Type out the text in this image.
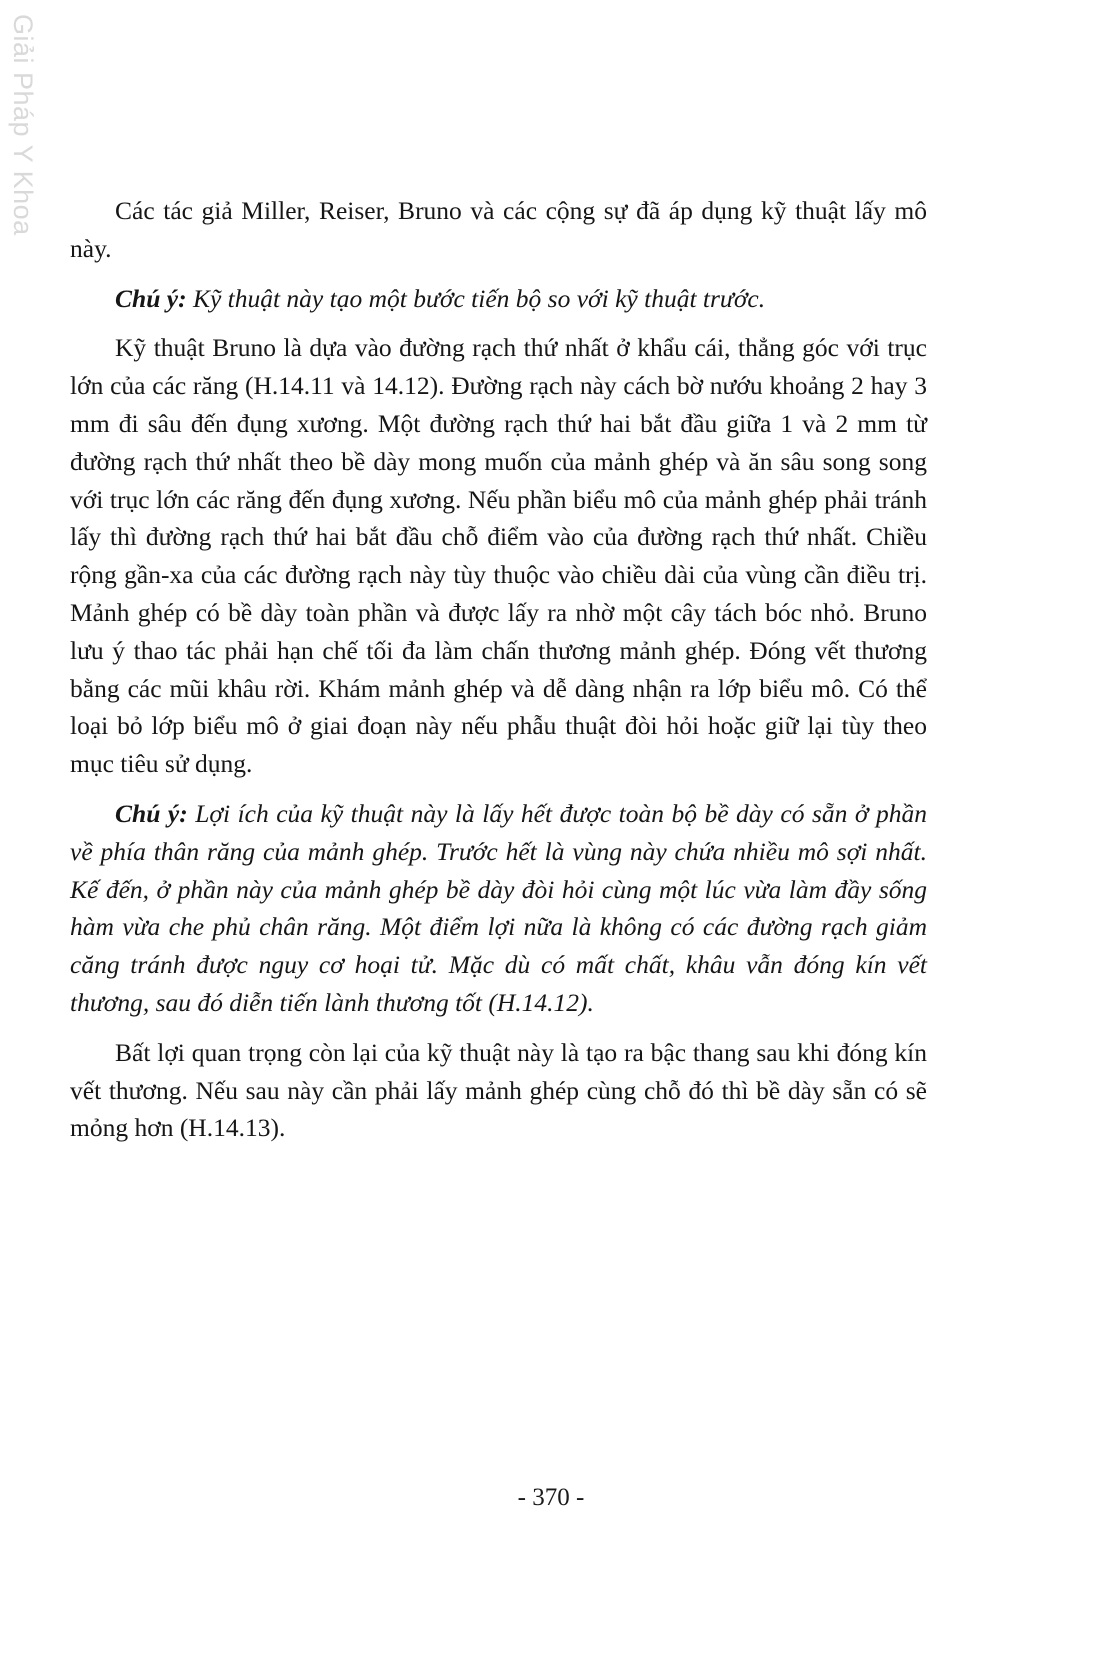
Giải Pháp Y Khoa	Các tác giả Miller, Reiser, Bruno và các cộng sự đã áp dụng kỹ thuật lấy mô này.

Chú ý: Kỹ thuật này tạo một bước tiến bộ so với kỹ thuật trước.

Kỹ thuật Bruno là dựa vào đường rạch thứ nhất ở khẩu cái, thẳng góc với trục lớn của các răng (H.14.11 và 14.12). Đường rạch này cách bờ nướu khoảng 2 hay 3 mm đi sâu đến đụng xương. Một đường rạch thứ hai bắt đầu giữa 1 và 2 mm từ đường rạch thứ nhất theo bề dày mong muốn của mảnh ghép và ăn sâu song song với trục lớn các răng đến đụng xương. Nếu phần biểu mô của mảnh ghép phải tránh lấy thì đường rạch thứ hai bắt đầu chỗ điểm vào của đường rạch thứ nhất. Chiều rộng gần-xa của các đường rạch này tùy thuộc vào chiều dài của vùng cần điều trị. Mảnh ghép có bề dày toàn phần và được lấy ra nhờ một cây tách bóc nhỏ. Bruno lưu ý thao tác phải hạn chế tối đa làm chấn thương mảnh ghép. Đóng vết thương bằng các mũi khâu rời. Khám mảnh ghép và dễ dàng nhận ra lớp biểu mô. Có thể loại bỏ lớp biểu mô ở giai đoạn này nếu phẫu thuật đòi hỏi hoặc giữ lại tùy theo mục tiêu sử dụng.

Chú ý: Lợi ích của kỹ thuật này là lấy hết được toàn bộ bề dày có sẵn ở phần về phía thân răng của mảnh ghép. Trước hết là vùng này chứa nhiều mô sợi nhất. Kế đến, ở phần này của mảnh ghép bề dày đòi hỏi cùng một lúc vừa làm đầy sống hàm vừa che phủ chân răng. Một điểm lợi nữa là không có các đường rạch giảm căng tránh được nguy cơ hoại tử. Mặc dù có mất chất, khâu vẫn đóng kín vết thương, sau đó diễn tiến lành thương tốt (H.14.12).

Bất lợi quan trọng còn lại của kỹ thuật này là tạo ra bậc thang sau khi đóng kín vết thương. Nếu sau này cần phải lấy mảnh ghép cùng chỗ đó thì bề dày sẵn có sẽ mỏng hơn (H.14.13).

- 370 -
